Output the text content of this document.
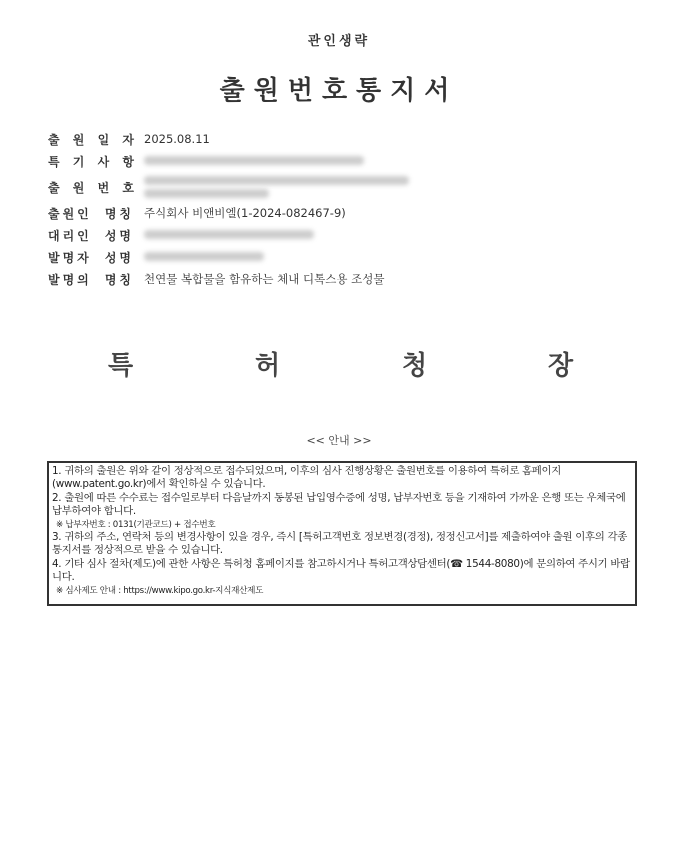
관인생략
출원번호통지서
출 원 일 자 2025.08.11
특 기 사 항
출 원 번 호
출원인 명칭 주식회사 비앤비엘(1-2024-082467-9)
대리인 성명
발명자 성명
발명의 명칭 천연물 복합물을 함유하는 체내 디톡스용 조성물
특	허	청	장
<< 안내 >>

1. 귀하의 출원은 위와 같이 정상적으로 접수되었으며, 이후의 심사 진행상황은 출원번호를 이용하여 특허로 홈페이지(www.patent.go.kr)에서 확인하실 수 있습니다.

2. 출원에 따른 수수료는 접수일로부터 다음날까지 동봉된 납입영수증에 성명, 납부자번호 등을 기재하여 가까운 은행 또는 우체국에 납부하여야 합니다.

※ 납부자번호 : 0131(기관코드) + 접수번호

3. 귀하의 주소, 연락처 등의 변경사항이 있을 경우, 즉시 [특허고객번호 정보변경(경정), 정정신고서]를 제출하여야 출원 이후의 각종 통지서를 정상적으로 받을 수 있습니다.

4. 기타 심사 절차(제도)에 관한 사항은 특허청 홈페이지를 참고하시거나 특허고객상담센터(☎ 1544-8080)에 문의하여 주시기 바랍니다.

※ 심사제도 안내 : https://www.kipo.go.kr-지식재산제도
